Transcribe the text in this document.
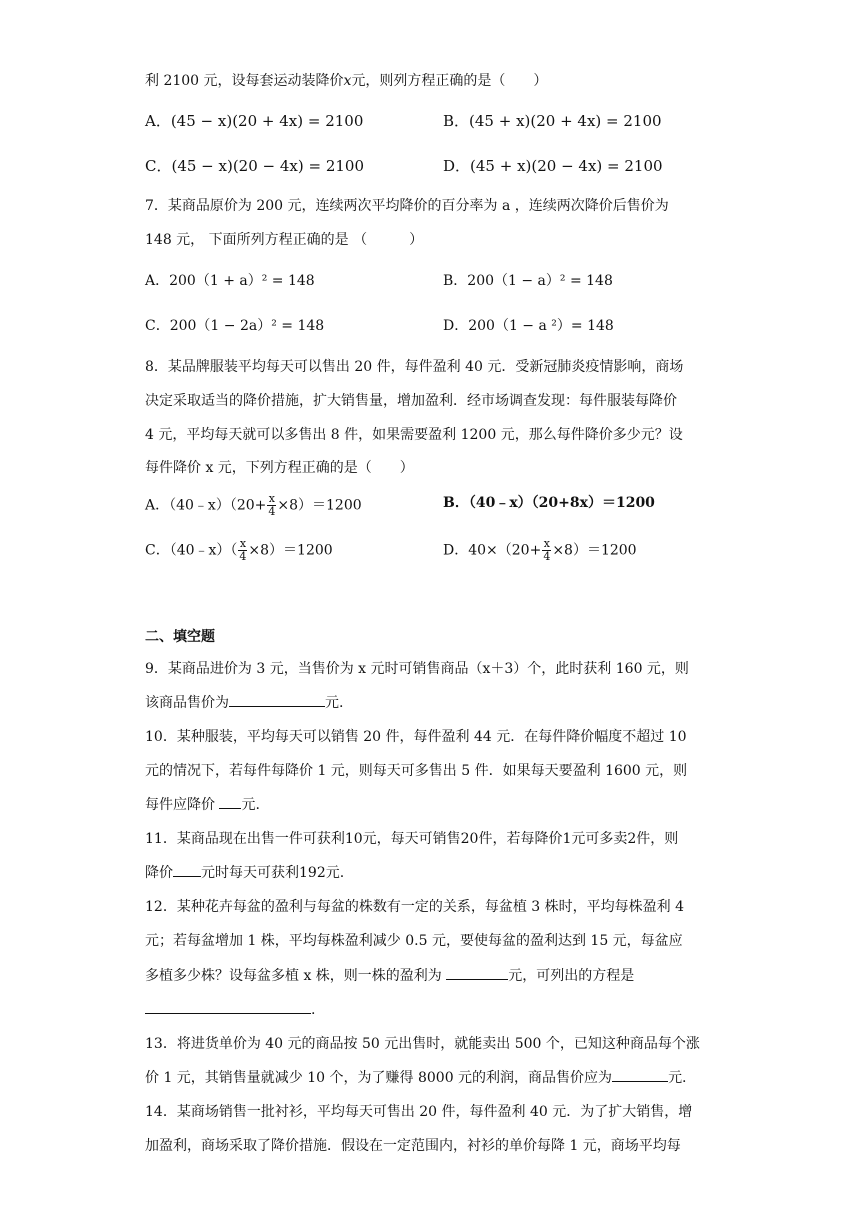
利 2100 元，设每套运动装降价x元，则列方程正确的是（　　）
A．(45 − x)(20 + 4x) = 2100	B．(45 + x)(20 + 4x) = 2100
C．(45 − x)(20 − 4x) = 2100	D．(45 + x)(20 − 4x) = 2100
7．某商品原价为 200 元，连续两次平均降价的百分率为 a ，连续两次降价后售价为
148 元， 下面所列方程正确的是 （　　　）
A．200（1 + a）² = 148	B．200（1 − a）² = 148
C．200（1 − 2a）² = 148	D．200（1 − a ²）= 148
8．某品牌服装平均每天可以售出 20 件，每件盈利 40 元．受新冠肺炎疫情影响，商场
决定采取适当的降价措施，扩大销售量，增加盈利．经市场调查发现：每件服装每降价
4 元，平均每天就可以多售出 8 件，如果需要盈利 1200 元，那么每件降价多少元？设
每件降价 x 元，下列方程正确的是（　　）
A．（40﹣x）（20+ $\frac{x}{4} \times 8)=1200$	B．（40﹣x）（20+8x）＝1200
C．（40﹣x）（ $\frac{x}{4} \times 8)=1200$	D．$40\times(20+ \frac{x}{4} \times 8)=1200$
二、填空题
9．某商品进价为 3 元，当售价为 x 元时可销售商品（x＋3）个，此时获利 160 元，则
该商品售价为	元.
10．某种服装，平均每天可以销售 20 件，每件盈利 44 元．在每件降价幅度不超过 10
元的情况下，若每件每降价 1 元，则每天可多售出 5 件．如果每天要盈利 1600 元，则
每件应降价 元.
11．某商品现在出售一件可获利10元，每天可销售20件，若每降价1元可多卖2件，则
降价 元时每天可获利192元.
12．某种花卉每盆的盈利与每盆的株数有一定的关系，每盆植 3 株时，平均每株盈利 4
元；若每盆增加 1 株，平均每株盈利减少 0.5 元，要使每盆的盈利达到 15 元，每盆应
多植多少株？设每盆多植 x 株，则一株的盈利为	元，可列出的方程是
.
13．将进货单价为 40 元的商品按 50 元出售时，就能卖出 500 个，已知这种商品每个涨
价 1 元，其销售量就减少 10 个，为了赚得 8000 元的利润，商品售价应为	元.
14．某商场销售一批衬衫，平均每天可售出 20 件，每件盈利 40 元．为了扩大销售，增
加盈利，商场采取了降价措施．假设在一定范围内，衬衫的单价每降 1 元，商场平均每
